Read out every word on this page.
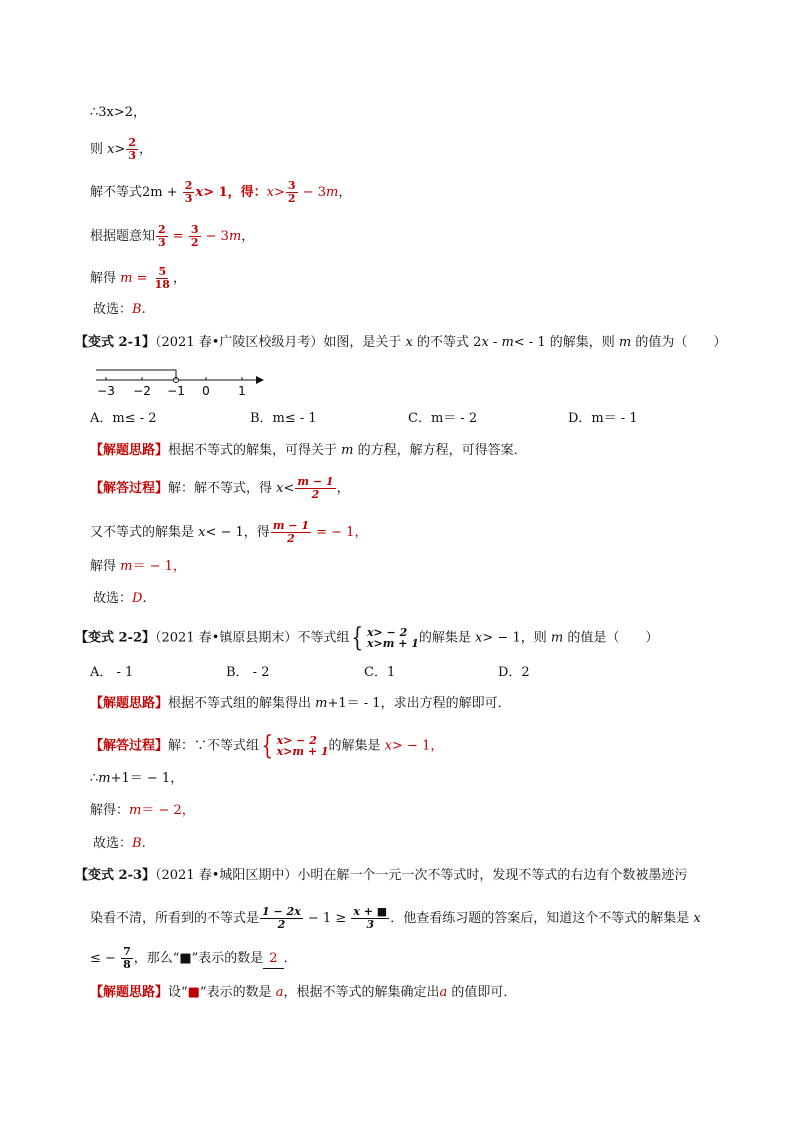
∴3x>2，
则 $x> \frac{2}{3}$ ，
解不等式$2m + \frac{2}{3} x> 1$，得：$x> \frac{3}{2} - 3m$，
根据题意知 $\frac{2}{3} = \frac{3}{2} - 3m$，
解得 $m = \frac{5}{18}$ ，
故选：B.
【变式 2-1】（2021 春•广陵区校级月考）如图，是关于 x 的不等式 2x - m< - 1 的解集，则 m 的值为（　　）
−3 −2 −1 0 1
A．m≤ - 2	B．m≤ - 1	C．m＝ - 2	D．m＝ - 1
【解题思路】根据不等式的解集，可得关于 m 的方程，解方程，可得答案．
【解答过程】解：解不等式，得 $x< \frac{m - 1}{2}$ ，
又不等式的解集是 x< − 1，得 $\frac{m - 1}{2}$ = − 1，
解得 m＝ − 1，
故选：D.
【变式 2-2】（2021 春•镇原县期末）不等式组 { x> − 2
x>m + 1 的解集是 x> − 1，则 m 的值是（　　）
A． - 1	B． - 2	C．1	D．2
【解题思路】根据不等式组的解集得出 m+1＝ - 1，求出方程的解即可．
【解答过程】解：∵不等式组 { x> − 2
x>m + 1 的解集是 x> − 1，
∴m+1＝ − 1，
解得：m＝ − 2，
故选：B.
【变式 2-3】（2021 春•城阳区期中）小明在解一个一元一次不等式时，发现不等式的右边有个数被墨迹污
染看不清，所看到的不等式是 $\frac{1 - 2x}{2} - 1 \ge \frac{x + ■}{3}$ ．他查看练习题的答案后，知道这个不等式的解集是 x
≤ − $\frac{7}{8}$ ，那么“■”表示的数是 2 ．
【解题思路】设“■”表示的数是 a，根据不等式的解集确定出a 的值即可．
